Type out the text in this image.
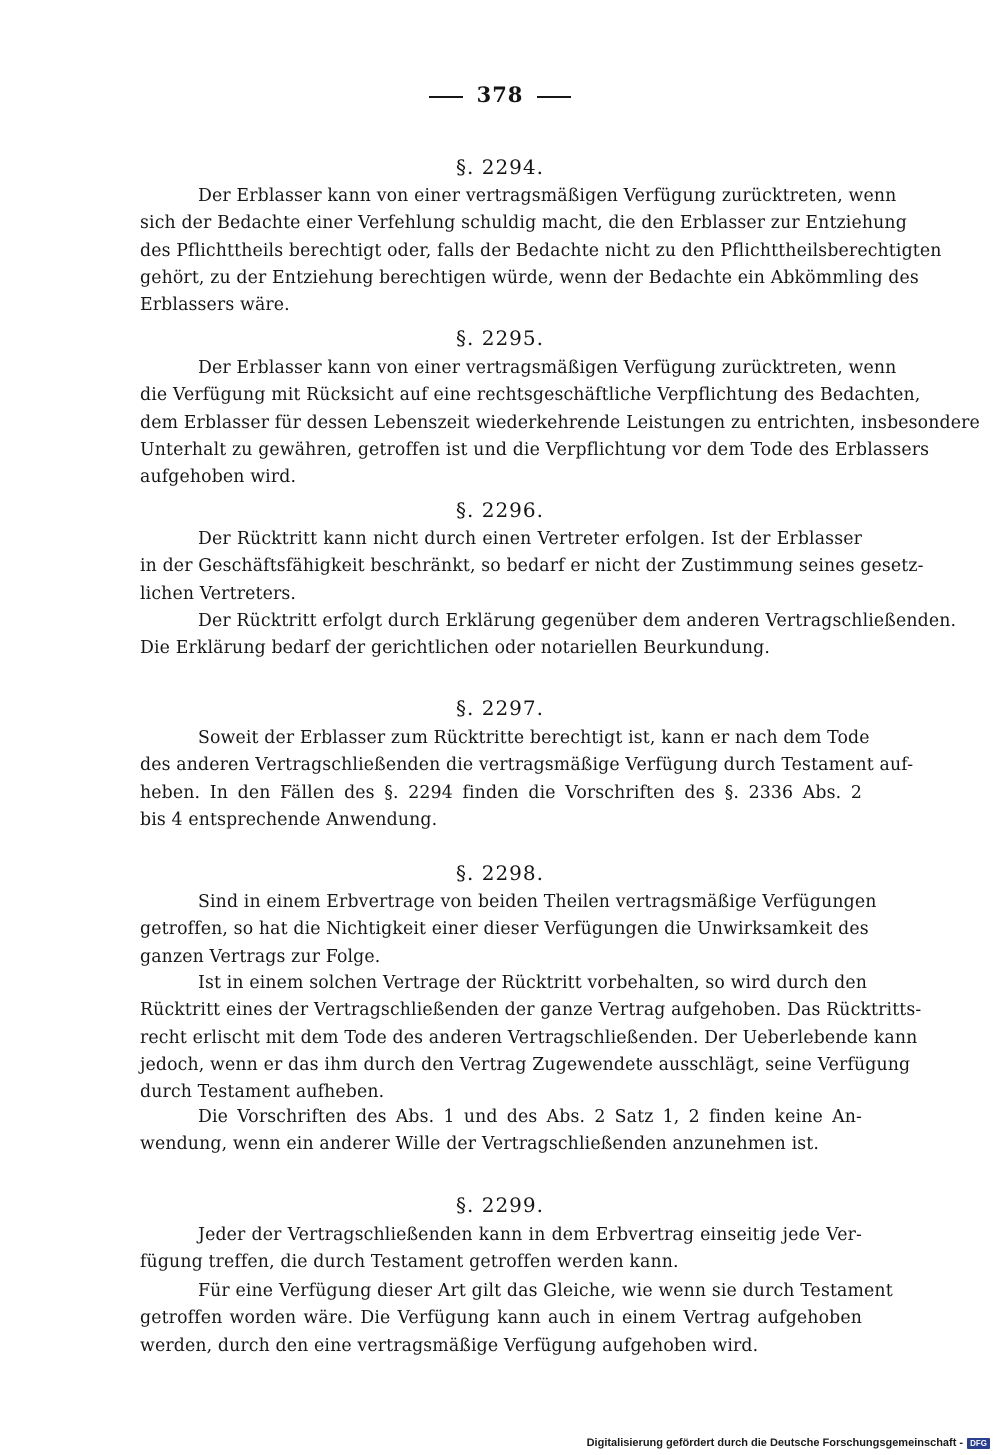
378
§. 2294.
Der Erblasser kann von einer vertragsmäßigen Verfügung zurücktreten, wenn
sich der Bedachte einer Verfehlung schuldig macht, die den Erblasser zur Entziehung
des Pflichttheils berechtigt oder, falls der Bedachte nicht zu den Pflichttheilsberechtigten
gehört, zu der Entziehung berechtigen würde, wenn der Bedachte ein Abkömmling des
Erblassers wäre.
§. 2295.
Der Erblasser kann von einer vertragsmäßigen Verfügung zurücktreten, wenn
die Verfügung mit Rücksicht auf eine rechtsgeschäftliche Verpflichtung des Bedachten,
dem Erblasser für dessen Lebenszeit wiederkehrende Leistungen zu entrichten, insbesondere
Unterhalt zu gewähren, getroffen ist und die Verpflichtung vor dem Tode des Erblassers
aufgehoben wird.
§. 2296.
Der Rücktritt kann nicht durch einen Vertreter erfolgen. Ist der Erblasser
in der Geschäftsfähigkeit beschränkt, so bedarf er nicht der Zustimmung seines gesetz-
lichen Vertreters.
Der Rücktritt erfolgt durch Erklärung gegenüber dem anderen Vertragschließenden.
Die Erklärung bedarf der gerichtlichen oder notariellen Beurkundung.
§. 2297.
Soweit der Erblasser zum Rücktritte berechtigt ist, kann er nach dem Tode
des anderen Vertragschließenden die vertragsmäßige Verfügung durch Testament auf-
heben. In den Fällen des §. 2294 finden die Vorschriften des §. 2336 Abs. 2
bis 4 entsprechende Anwendung.
§. 2298.
Sind in einem Erbvertrage von beiden Theilen vertragsmäßige Verfügungen
getroffen, so hat die Nichtigkeit einer dieser Verfügungen die Unwirksamkeit des
ganzen Vertrags zur Folge.
Ist in einem solchen Vertrage der Rücktritt vorbehalten, so wird durch den
Rücktritt eines der Vertragschließenden der ganze Vertrag aufgehoben. Das Rücktritts-
recht erlischt mit dem Tode des anderen Vertragschließenden. Der Ueberlebende kann
jedoch, wenn er das ihm durch den Vertrag Zugewendete ausschlägt, seine Verfügung
durch Testament aufheben.
Die Vorschriften des Abs. 1 und des Abs. 2 Satz 1, 2 finden keine An-
wendung, wenn ein anderer Wille der Vertragschließenden anzunehmen ist.
§. 2299.
Jeder der Vertragschließenden kann in dem Erbvertrag einseitig jede Ver-
fügung treffen, die durch Testament getroffen werden kann.
Für eine Verfügung dieser Art gilt das Gleiche, wie wenn sie durch Testament
getroffen worden wäre. Die Verfügung kann auch in einem Vertrag aufgehoben
werden, durch den eine vertragsmäßige Verfügung aufgehoben wird.
Digitalisierung gefördert durch die Deutsche Forschungsgemeinschaft - DFG
